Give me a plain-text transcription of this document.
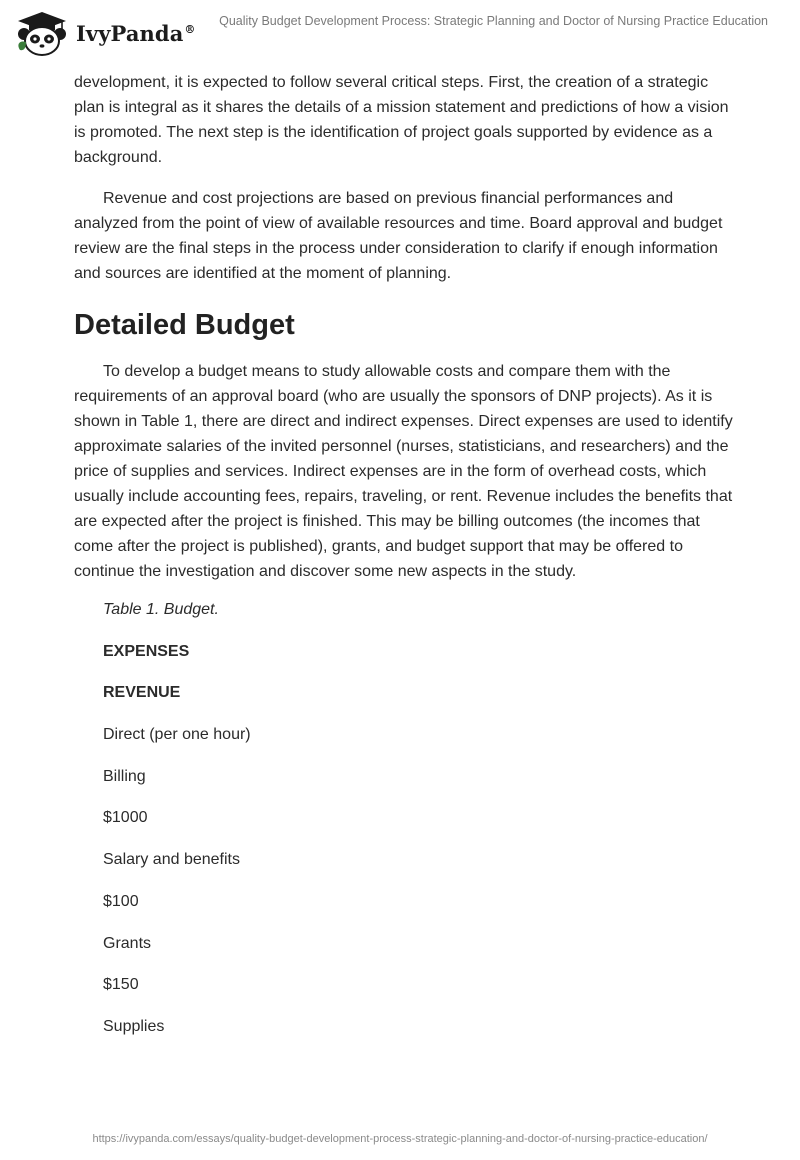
IvyPanda®
Quality Budget Development Process: Strategic Planning and Doctor of Nursing Practice Education

development, it is expected to follow several critical steps. First, the creation of a strategic plan is integral as it shares the details of a mission statement and predictions of how a vision is promoted. The next step is the identification of project goals supported by evidence as a background.

Revenue and cost projections are based on previous financial performances and analyzed from the point of view of available resources and time. Board approval and budget review are the final steps in the process under consideration to clarify if enough information and sources are identified at the moment of planning.

Detailed Budget

To develop a budget means to study allowable costs and compare them with the requirements of an approval board (who are usually the sponsors of DNP projects). As it is shown in Table 1, there are direct and indirect expenses. Direct expenses are used to identify approximate salaries of the invited personnel (nurses, statisticians, and researchers) and the price of supplies and services. Indirect expenses are in the form of overhead costs, which usually include accounting fees, repairs, traveling, or rent. Revenue includes the benefits that are expected after the project is finished. This may be billing outcomes (the incomes that come after the project is published), grants, and budget support that may be offered to continue the investigation and discover some new aspects in the study.

Table 1. Budget.
EXPENSES
REVENUE
Direct (per one hour)
Billing
$1000
Salary and benefits
$100
Grants
$150
Supplies
https://ivypanda.com/essays/quality-budget-development-process-strategic-planning-and-doctor-of-nursing-practice-education/
